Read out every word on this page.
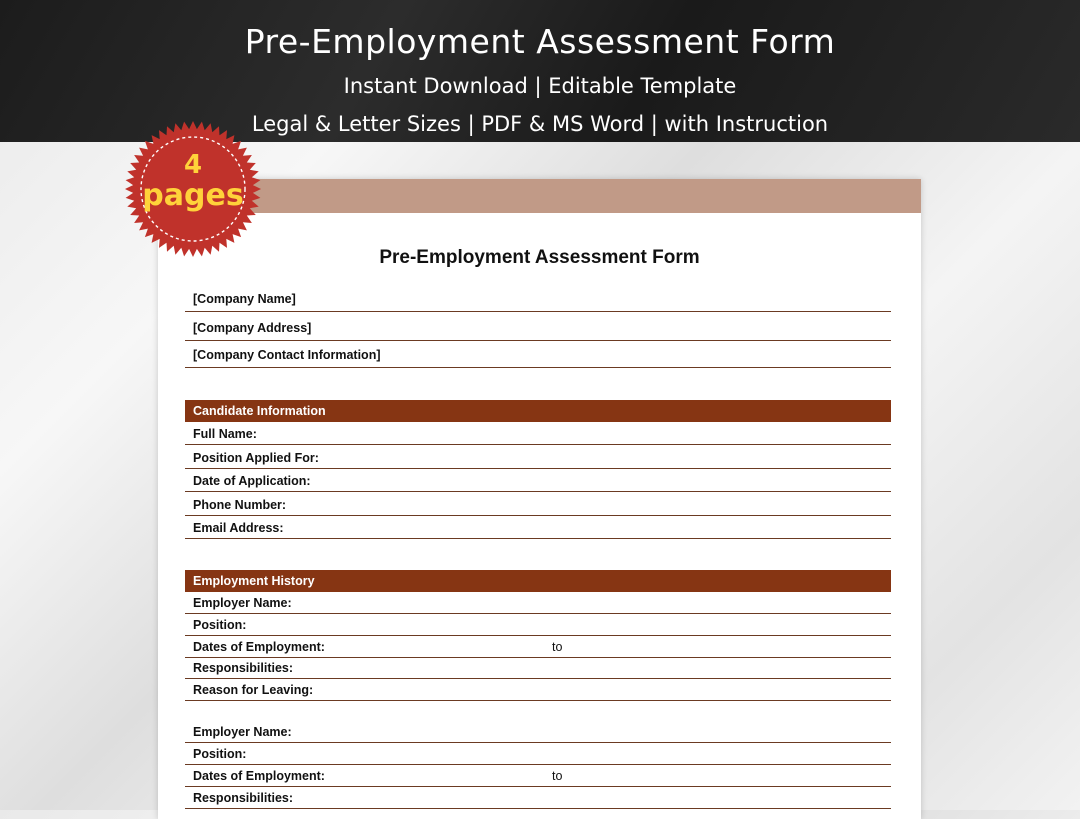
Pre-Employment Assessment Form
Instant Download | Editable Template
Legal & Letter Sizes | PDF & MS Word | with Instruction
Pre-Employment Assessment Form
[Company Name]
[Company Address]
[Company Contact Information]
Candidate Information
Full Name:
Position Applied For:
Date of Application:
Phone Number:
Email Address:
Employment History
Employer Name:
Position:
Dates of Employment:	to
Responsibilities:
Reason for Leaving:
Employer Name:
Position:
Dates of Employment:	to
Responsibilities:
4
pages
